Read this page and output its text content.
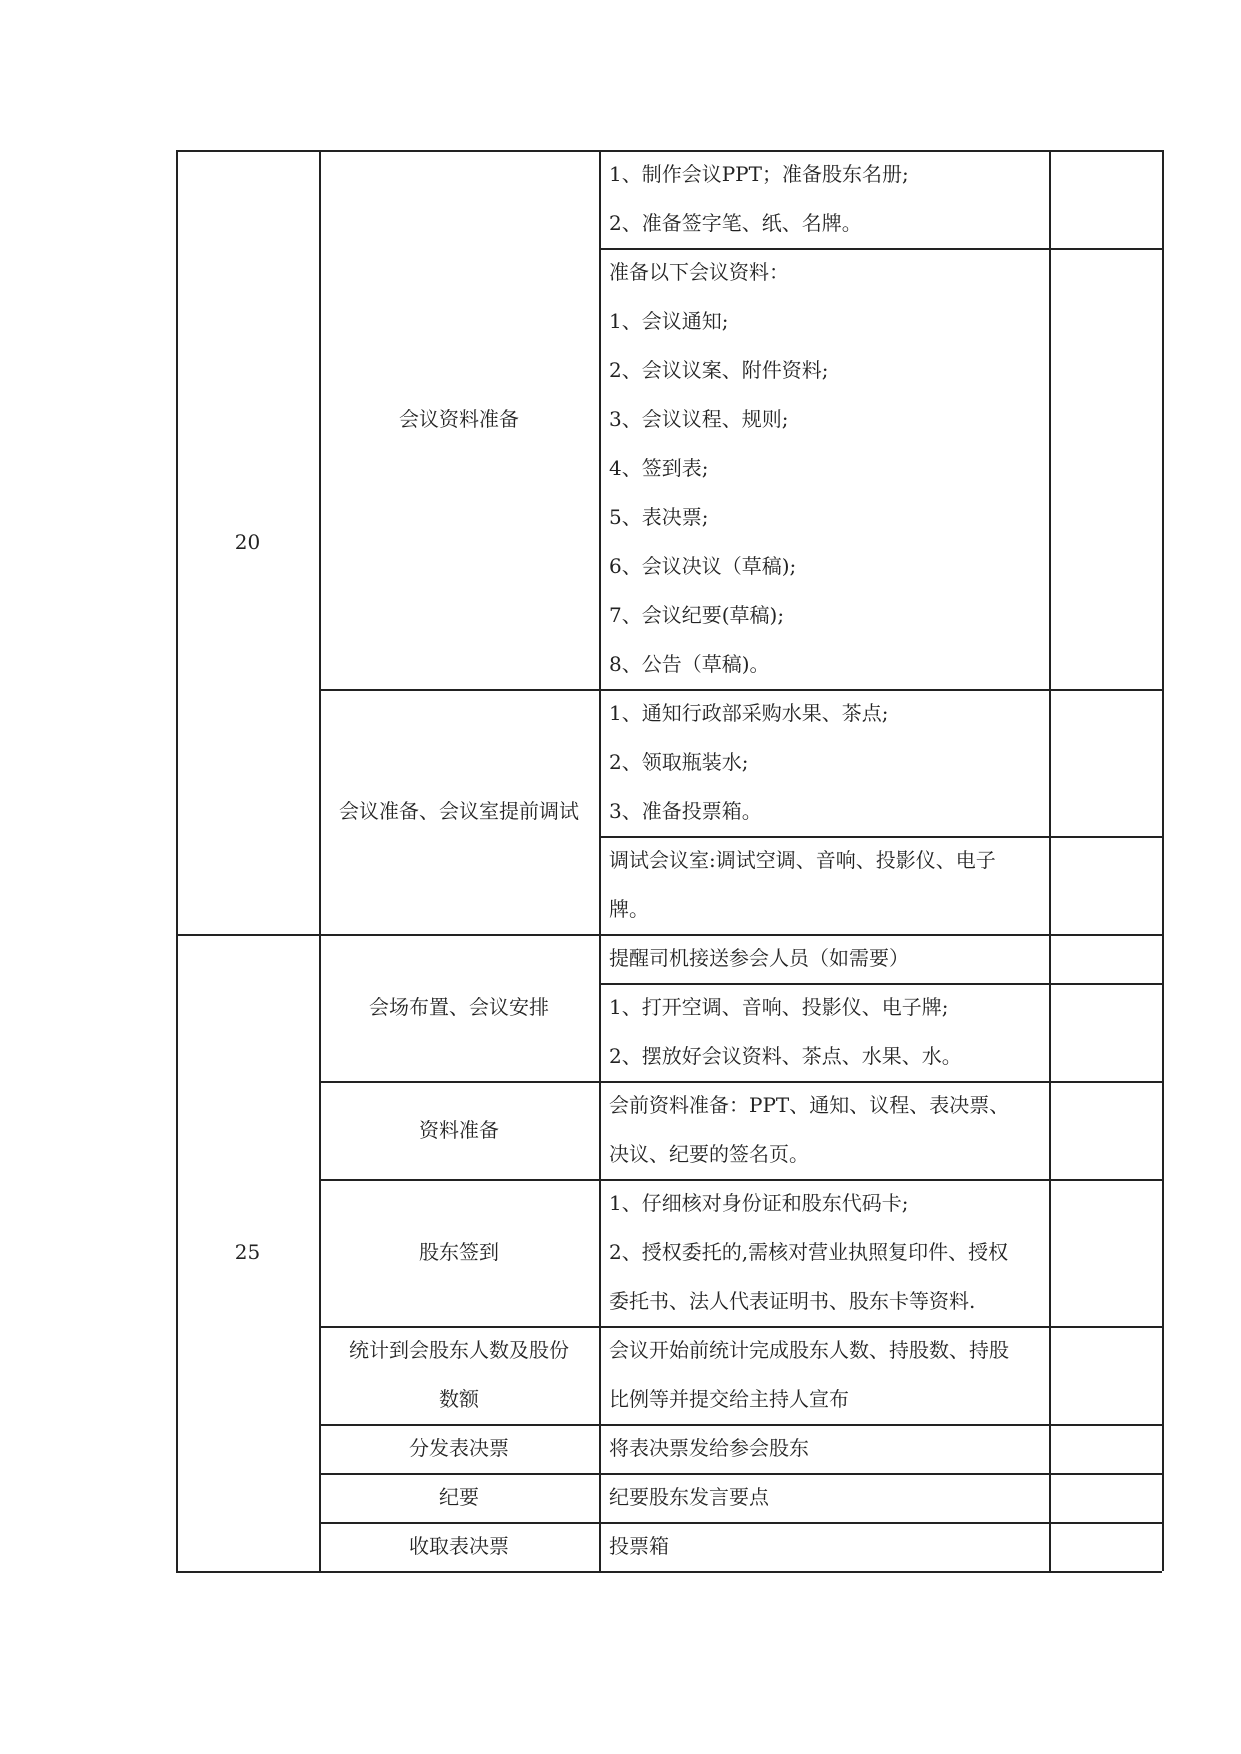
1、制作会议PPT；准备股东名册;
2、准备签字笔、纸、名牌。
准备以下会议资料：
1、会议通知;
2、会议议案、附件资料;
3、会议议程、规则;
4、签到表;
5、表决票;
6、会议决议（草稿);
7、会议纪要(草稿);
8、公告（草稿)。
会议资料准备
1、通知行政部采购水果、茶点;
2、领取瓶装水;
3、准备投票箱。
调试会议室:调试空调、音响、投影仪、电子
牌。
会议准备、会议室提前调试
20
提醒司机接送参会人员（如需要）
1、打开空调、音响、投影仪、电子牌;
2、摆放好会议资料、茶点、水果、水。
会场布置、会议安排
会前资料准备：PPT、通知、议程、表决票、
决议、纪要的签名页。
资料准备
1、仔细核对身份证和股东代码卡;
2、授权委托的,需核对营业执照复印件、授权
委托书、法人代表证明书、股东卡等资料.
股东签到
会议开始前统计完成股东人数、持股数、持股
比例等并提交给主持人宣布
统计到会股东人数及股份
数额
将表决票发给参会股东
分发表决票
纪要股东发言要点
纪要
投票箱
收取表决票
25
